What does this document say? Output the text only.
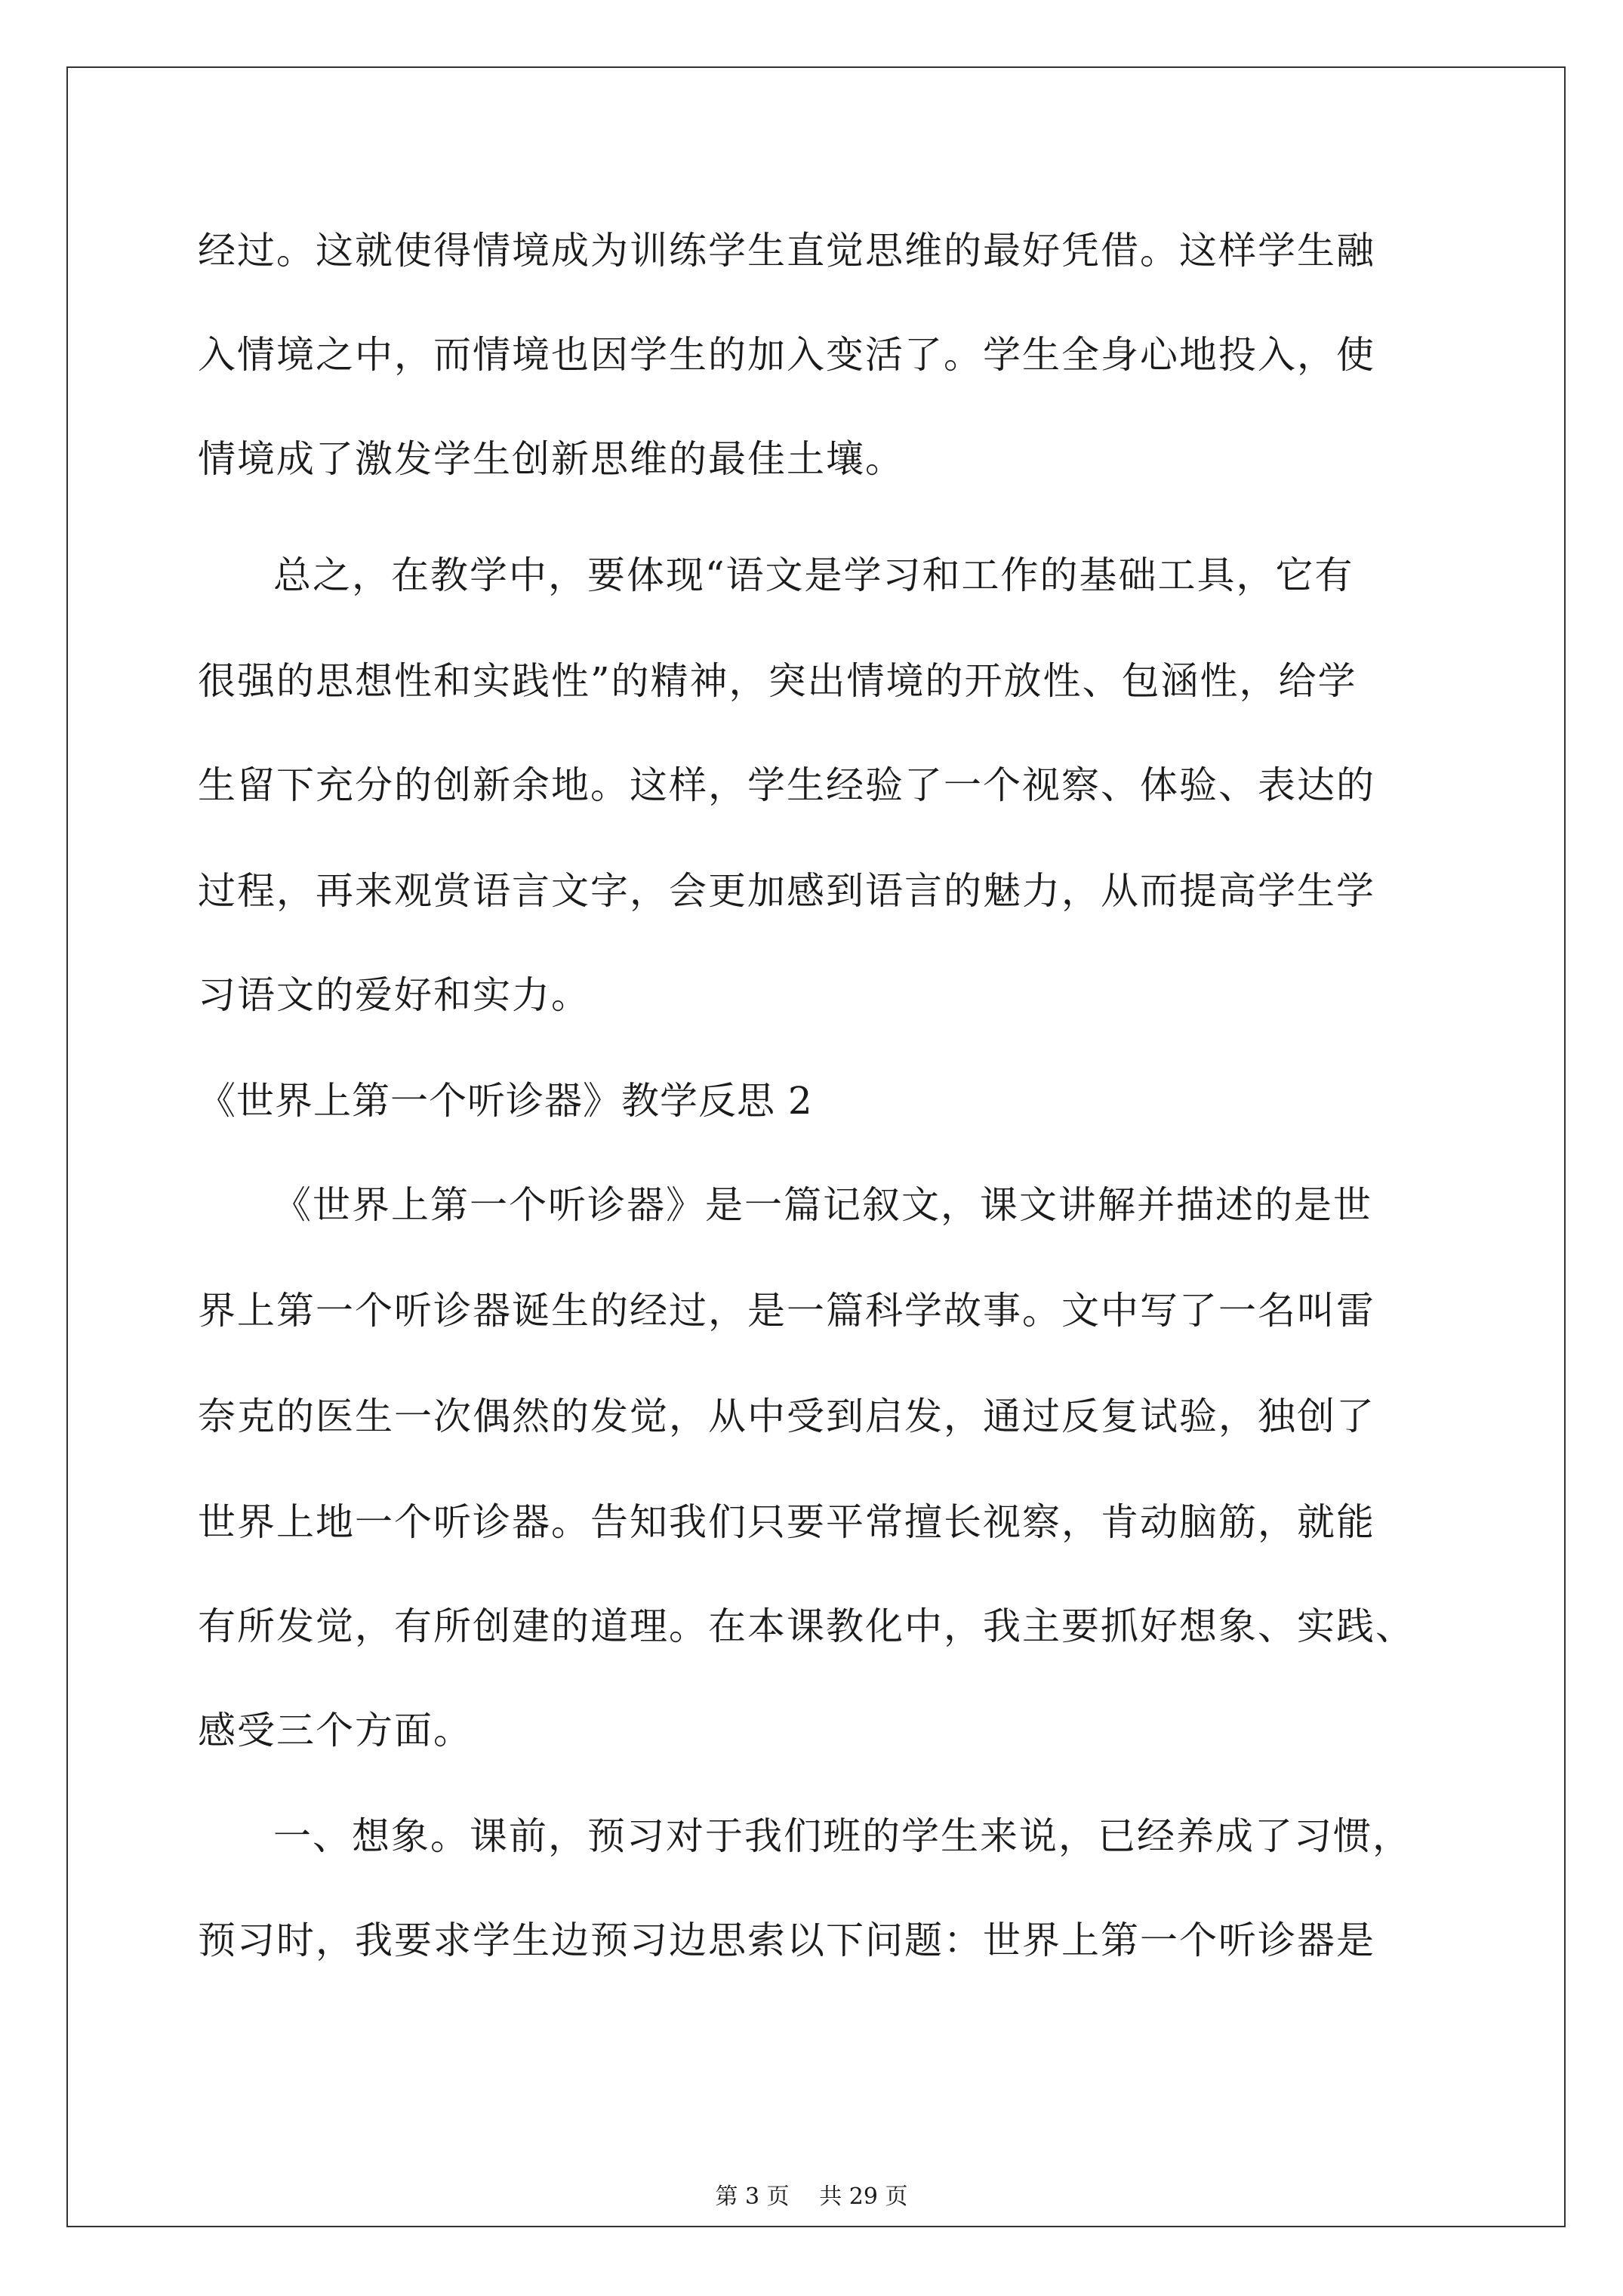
经过。这就使得情境成为训练学生直觉思维的最好凭借。这样学生融
入情境之中，而情境也因学生的加入变活了。学生全身心地投入，使
情境成了激发学生创新思维的最佳土壤。
总之，在教学中，要体现“语文是学习和工作的基础工具，它有
很强的思想性和实践性”的精神，突出情境的开放性、包涵性，给学
生留下充分的创新余地。这样，学生经验了一个视察、体验、表达的
过程，再来观赏语言文字，会更加感到语言的魅力，从而提高学生学
习语文的爱好和实力。
《世界上第一个听诊器》教学反思 2
《世界上第一个听诊器》是一篇记叙文，课文讲解并描述的是世
界上第一个听诊器诞生的经过，是一篇科学故事。文中写了一名叫雷
奈克的医生一次偶然的发觉，从中受到启发，通过反复试验，独创了
世界上地一个听诊器。告知我们只要平常擅长视察，肯动脑筋，就能
有所发觉，有所创建的道理。在本课教化中，我主要抓好想象、实践、
感受三个方面。
一、想象。课前，预习对于我们班的学生来说，已经养成了习惯，
预习时，我要求学生边预习边思索以下问题：世界上第一个听诊器是
第 3 页　 共 29 页
